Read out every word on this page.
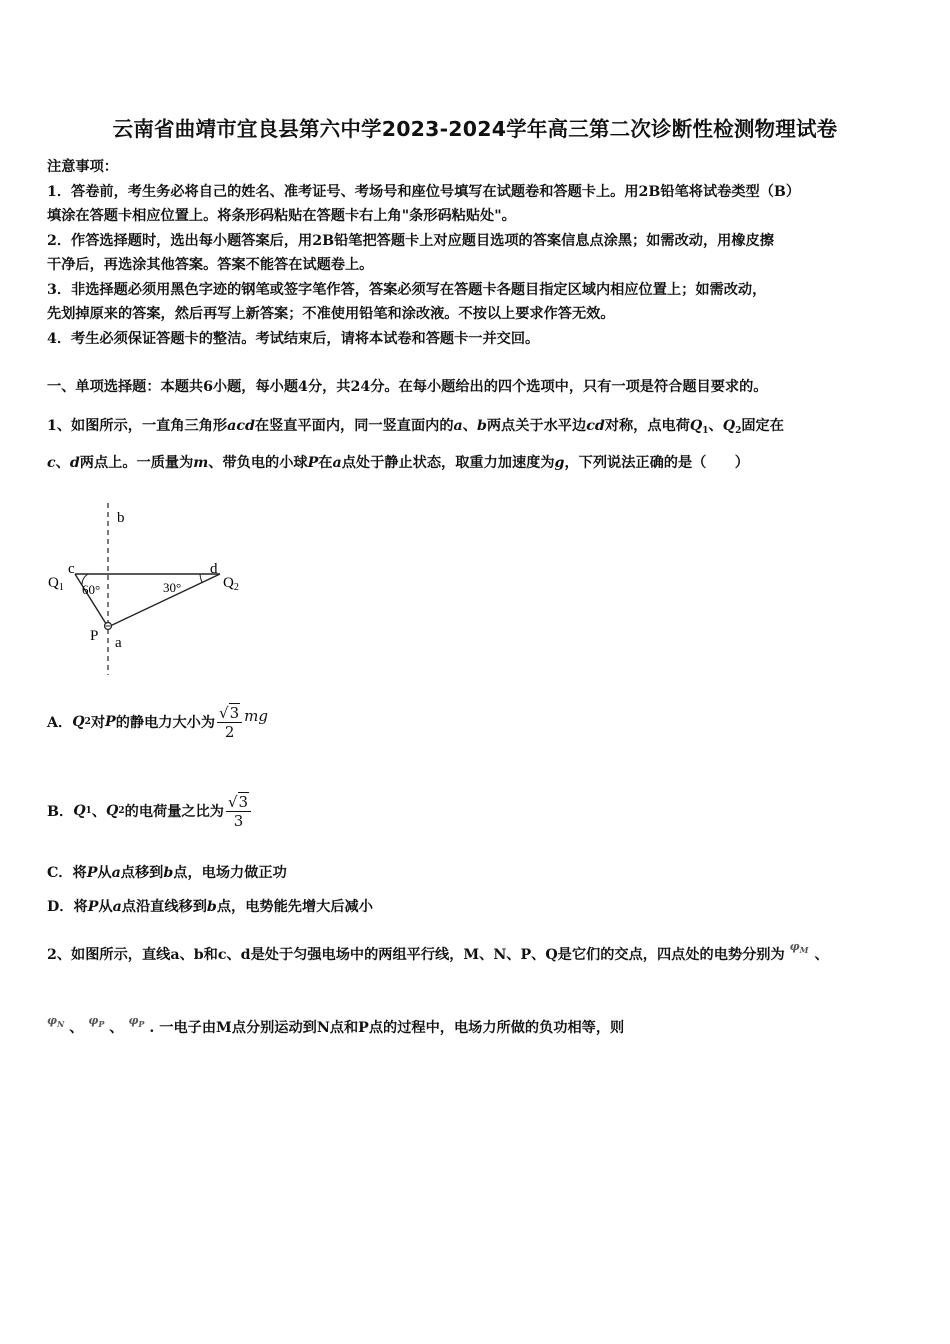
云南省曲靖市宜良县第六中学2023-2024学年高三第二次诊断性检测物理试卷
注意事项：
1．答卷前，考生务必将自己的姓名、准考证号、考场号和座位号填写在试题卷和答题卡上。用2B铅笔将试卷类型（B）
填涂在答题卡相应位置上。将条形码粘贴在答题卡右上角"条形码粘贴处"。
2．作答选择题时，选出每小题答案后，用2B铅笔把答题卡上对应题目选项的答案信息点涂黑；如需改动，用橡皮擦
干净后，再选涂其他答案。答案不能答在试题卷上。
3．非选择题必须用黑色字迹的钢笔或签字笔作答，答案必须写在答题卡各题目指定区域内相应位置上；如需改动，
先划掉原来的答案，然后再写上新答案；不准使用铅笔和涂改液。不按以上要求作答无效。
4．考生必须保证答题卡的整洁。考试结束后，请将本试卷和答题卡一并交回。
一、单项选择题：本题共6小题，每小题4分，共24分。在每小题给出的四个选项中，只有一项是符合题目要求的。
1、如图所示，一直角三角形acd在竖直平面内，同一竖直面内的a、b两点关于水平边cd对称，点电荷$Q_1$、$Q_2$固定在
c、d两点上。一质量为m、带负电的小球P在a点处于静止状态，取重力加速度为g，下列说法正确的是（　　）
b
c	d
$Q_1$	$Q_2$
60°	30°
P a
A． Q 2 对 P 的静电力大小为 $\frac{√3}{2}$ mg
B． Q 1 、 Q 2 的电荷量之比为 $\frac{√3}{3}$
C．将P从a点移到b点，电场力做正功
D．将P从a点沿直线移到b点，电势能先增大后减小
2、如图所示，直线a、b和c、d是处于匀强电场中的两组平行线，M、N、P、Q是它们的交点，四点处的电势分别为 $^{\varphi_M}$ 、
$^{\varphi_N}$ 、 $^{\varphi_P}$ 、 $^{\varphi_P}$ . 一电子由M点分别运动到N点和P点的过程中，电场力所做的负功相等，则
